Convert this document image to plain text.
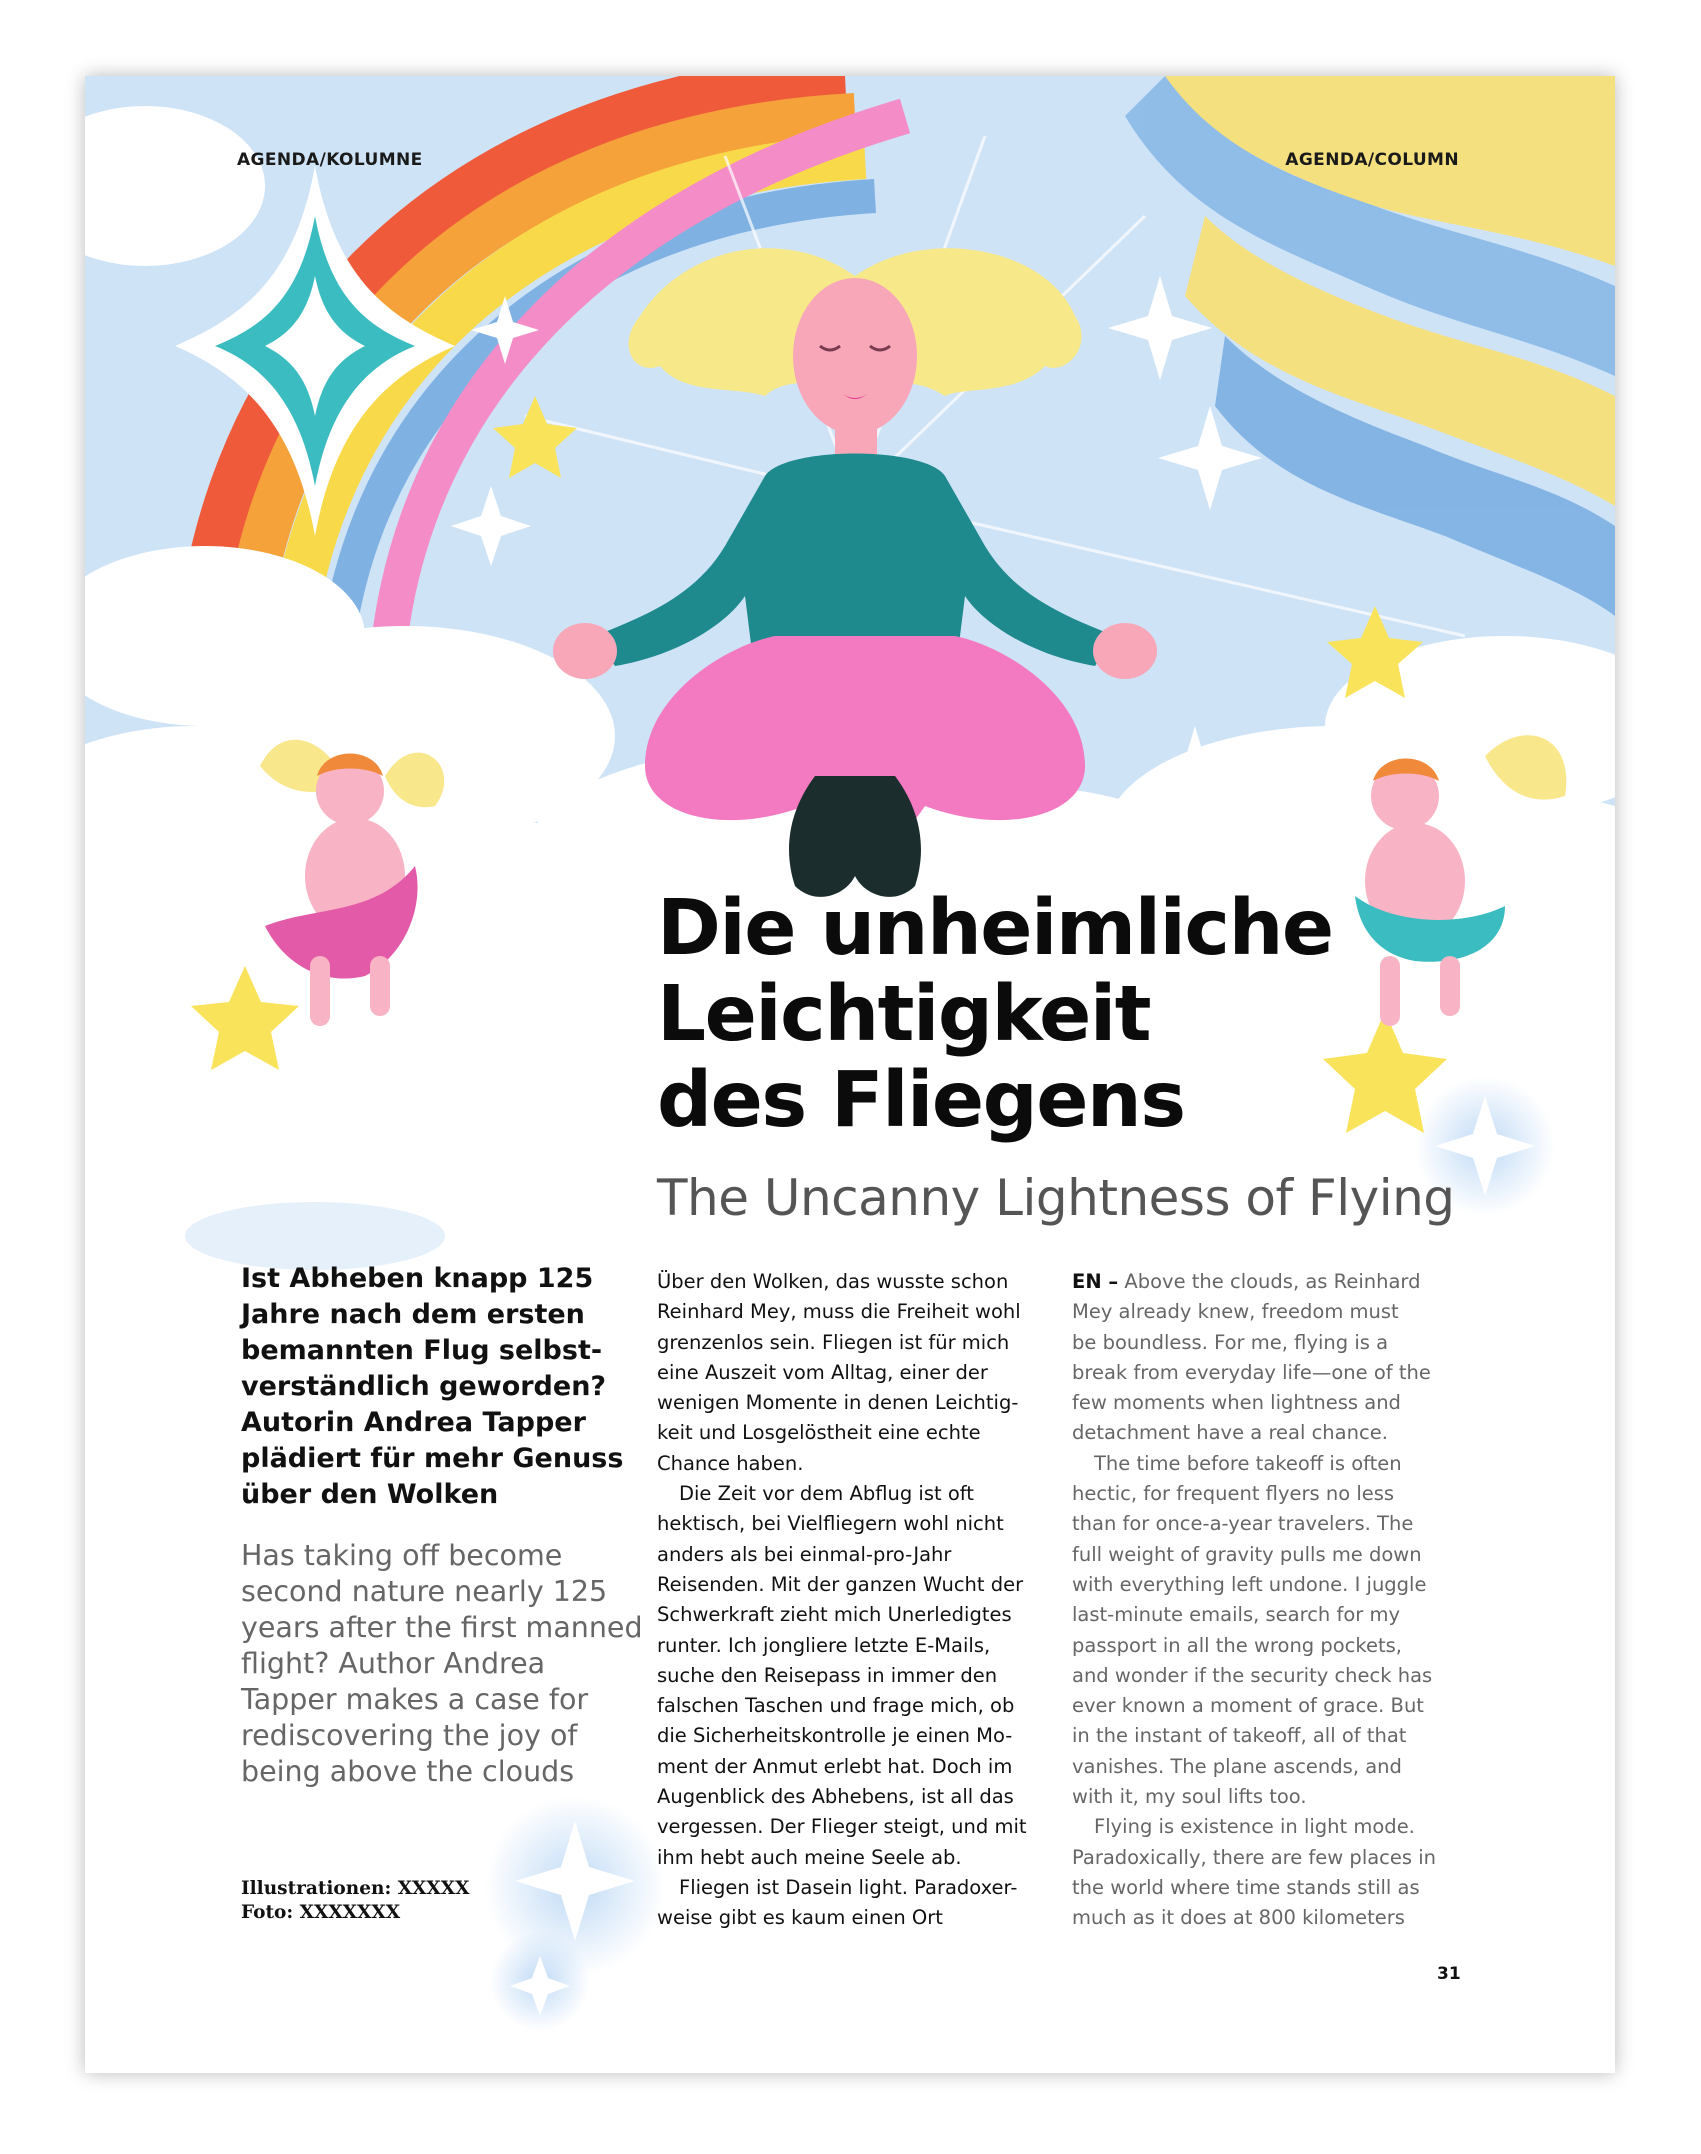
AGENDA/KOLUMNE	AGENDA/COLUMN
Die unheimliche
Leichtigkeit
des Fliegens
The Uncanny Lightness of Flying
Ist Abheben knapp 125
Jahre nach dem ersten
bemannten Flug selbst-
verständlich geworden?
Autorin Andrea Tapper
plädiert für mehr Genuss
über den Wolken
Has taking off become
second nature nearly 125
years after the first manned
flight? Author Andrea
Tapper makes a case for
rediscovering the joy of
being above the clouds
Illustrationen: XXXXX
Foto: XXXXXXX
Über den Wolken, das wusste schon
Reinhard Mey, muss die Freiheit wohl
grenzenlos sein. Fliegen ist für mich
eine Auszeit vom Alltag, einer der
wenigen Momente in denen Leichtig-
keit und Losgelöstheit eine echte
Chance haben.
Die Zeit vor dem Abflug ist oft
hektisch, bei Vielfliegern wohl nicht
anders als bei einmal-pro-Jahr
Reisenden. Mit der ganzen Wucht der
Schwerkraft zieht mich Unerledigtes
runter. Ich jongliere letzte E-Mails,
suche den Reisepass in immer den
falschen Taschen und frage mich, ob
die Sicherheitskontrolle je einen Mo-
ment der Anmut erlebt hat. Doch im
Augenblick des Abhebens, ist all das
vergessen. Der Flieger steigt, und mit
ihm hebt auch meine Seele ab.
Fliegen ist Dasein light. Paradoxer-
weise gibt es kaum einen Ort
EN – Above the clouds, as Reinhard
Mey already knew, freedom must
be boundless. For me, flying is a
break from everyday life—one of the
few moments when lightness and
detachment have a real chance.
The time before takeoff is often
hectic, for frequent flyers no less
than for once-a-year travelers. The
full weight of gravity pulls me down
with everything left undone. I juggle
last-minute emails, search for my
passport in all the wrong pockets,
and wonder if the security check has
ever known a moment of grace. But
in the instant of takeoff, all of that
vanishes. The plane ascends, and
with it, my soul lifts too.
Flying is existence in light mode.
Paradoxically, there are few places in
the world where time stands still as
much as it does at 800 kilometers
31
